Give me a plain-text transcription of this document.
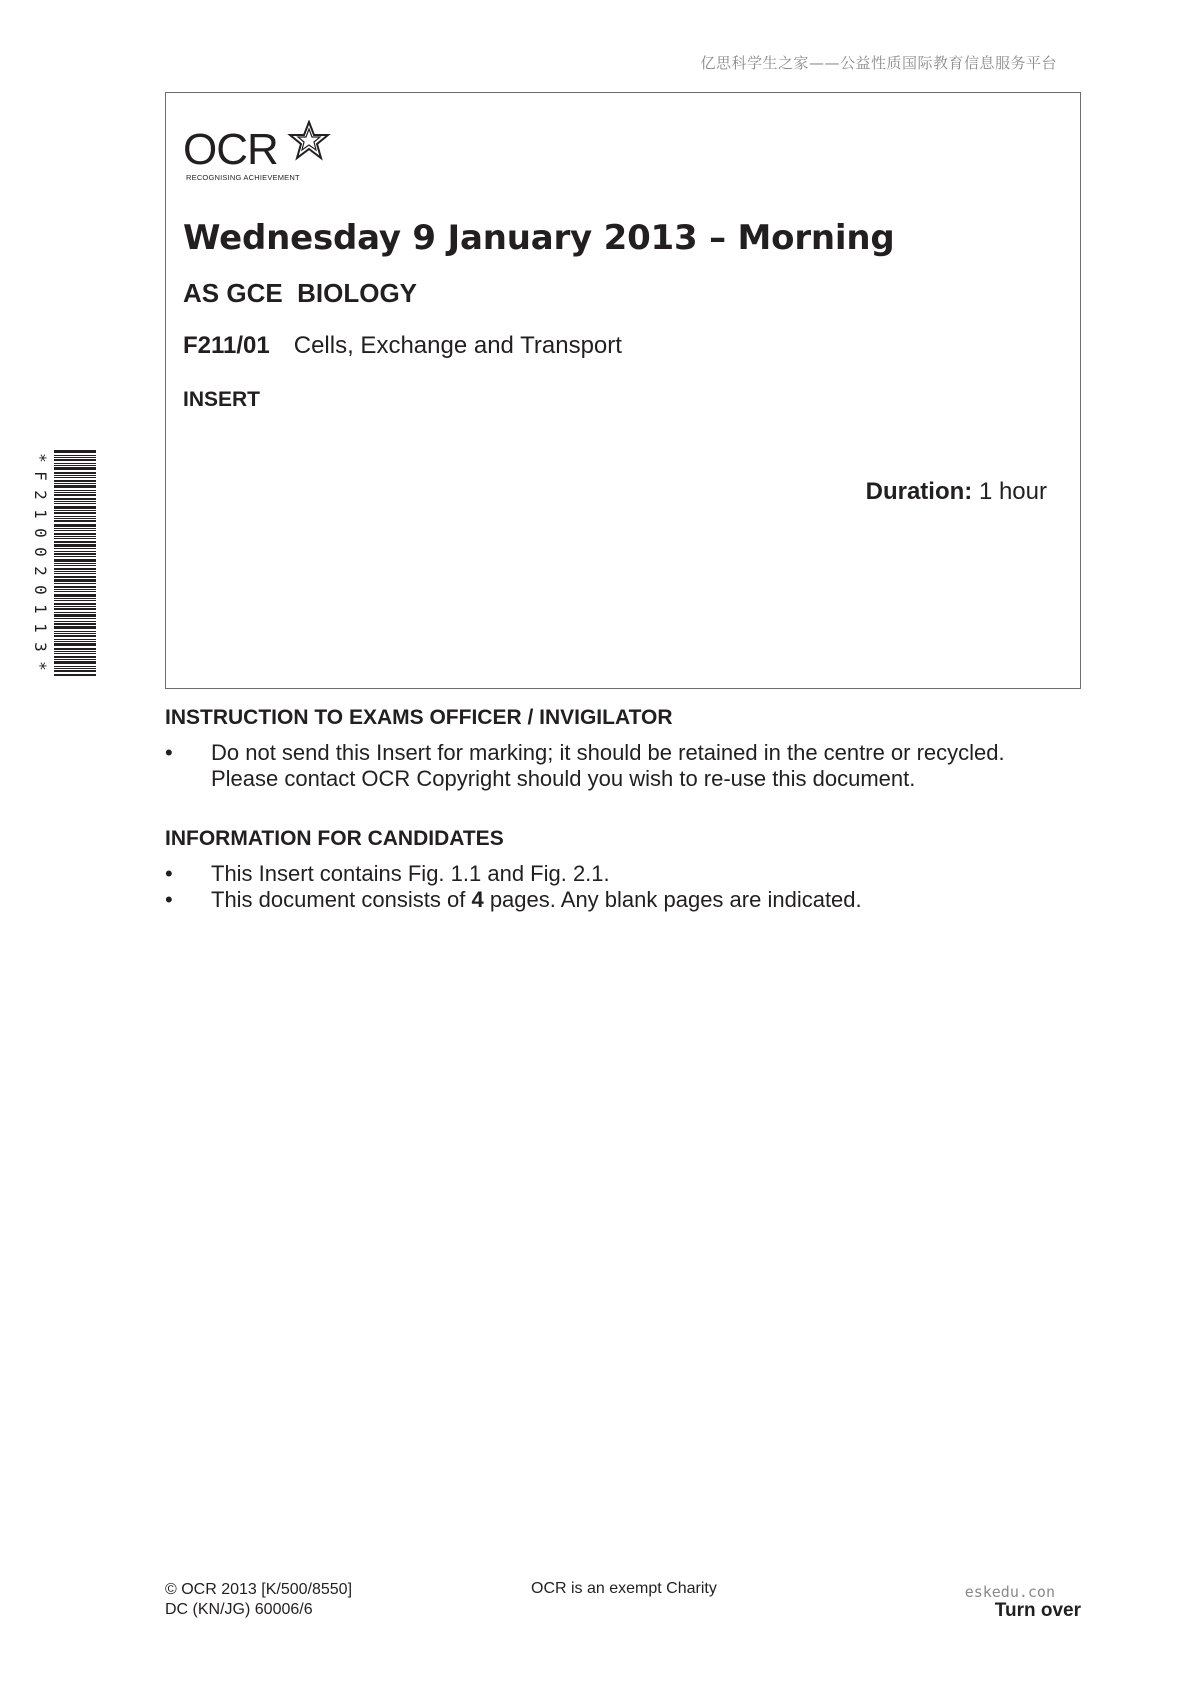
亿思科学生之家——公益性质国际教育信息服务平台
*
F
2
1
0
0
2
0
1
1
3
*
OCR
RECOGNISING ACHIEVEMENT
Wednesday 9 January 2013 – Morning
AS GCE  BIOLOGY
F211/01 Cells, Exchange and Transport
INSERT
Duration: 1 hour
INSTRUCTION TO EXAMS OFFICER / INVIGILATOR
• Do not send this Insert for marking; it should be retained in the centre or recycled. Please contact OCR Copyright should you wish to re-use this document.
INFORMATION FOR CANDIDATES
• This Insert contains Fig. 1.1 and Fig. 2.1.
• This document consists of 4 pages. Any blank pages are indicated.
© OCR 2013 [K/500/8550]
DC (KN/JG) 60006/6
OCR is an exempt Charity	eskedu.con
Turn over
